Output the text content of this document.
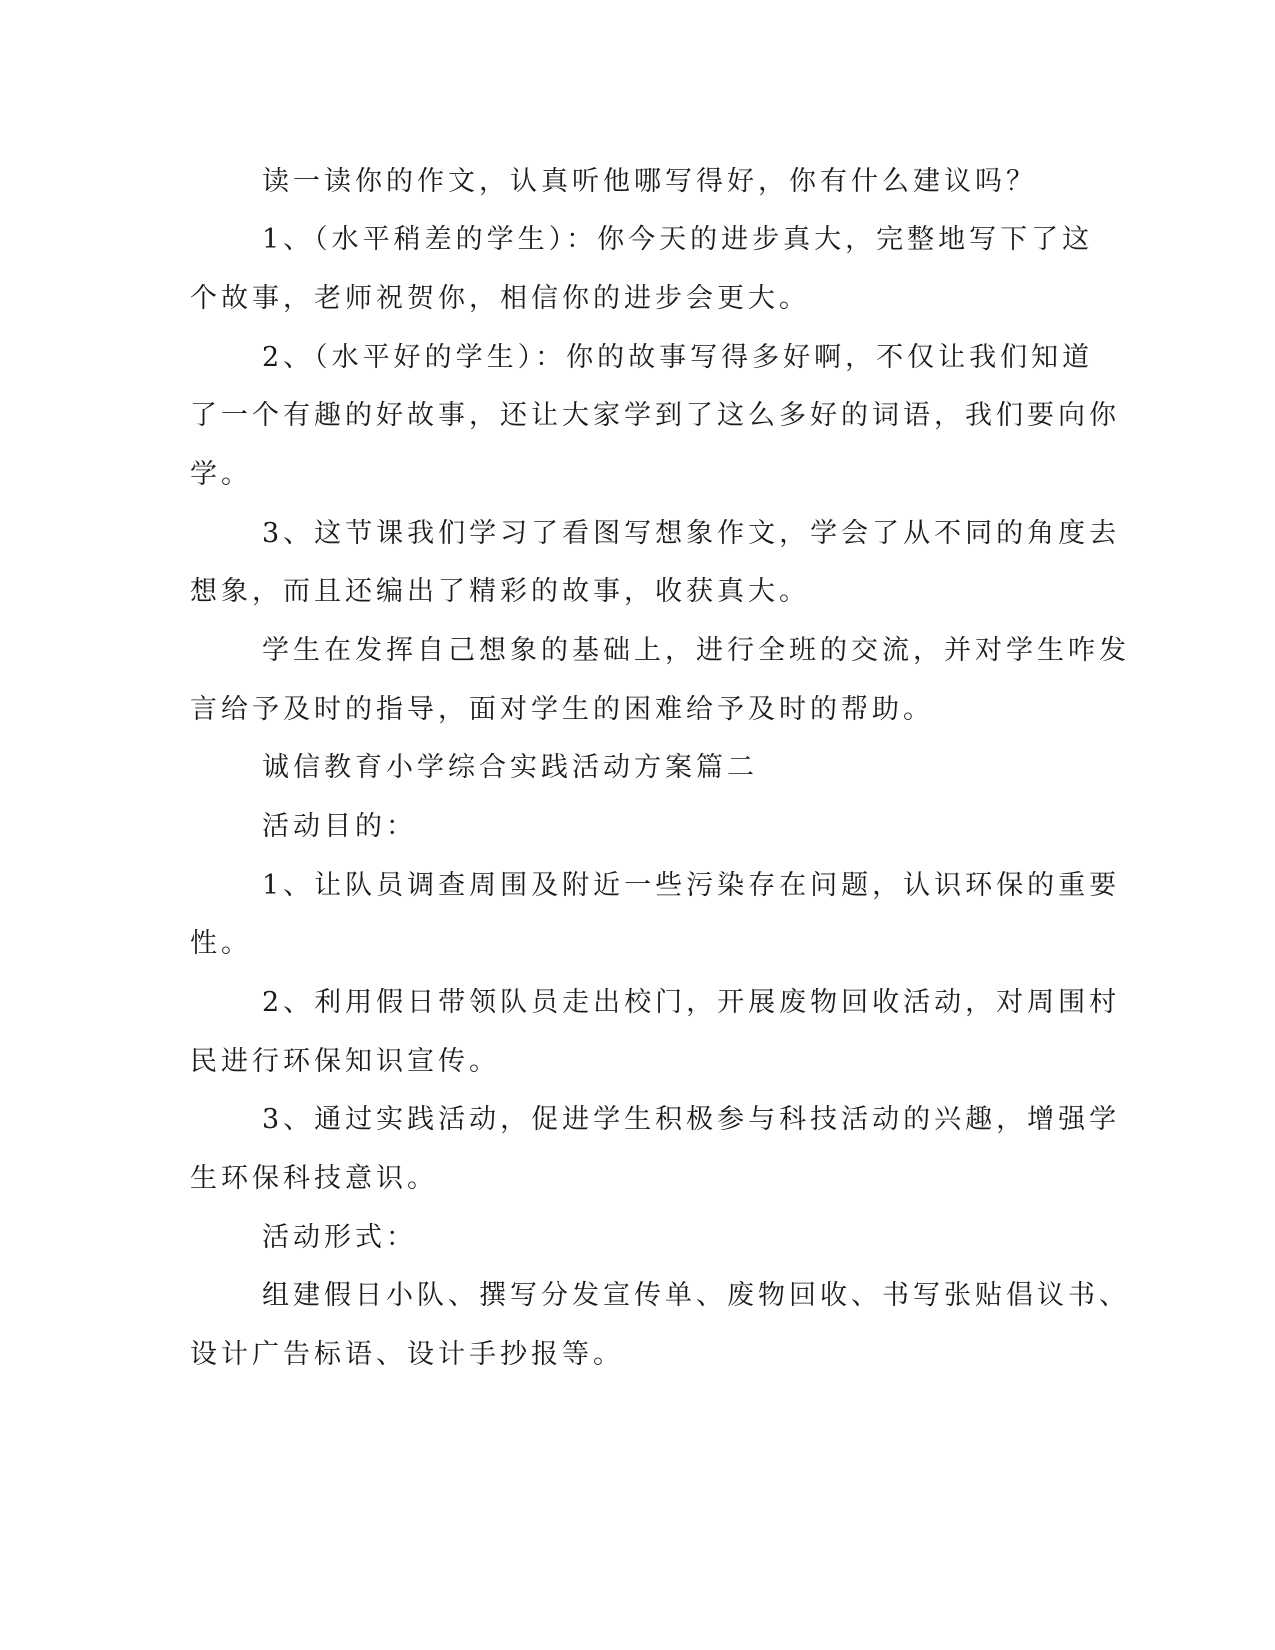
读一读你的作文，认真听他哪写得好，你有什么建议吗？
1、（水平稍差的学生）：你今天的进步真大，完整地写下了这
个故事，老师祝贺你，相信你的进步会更大。
2、（水平好的学生）：你的故事写得多好啊，不仅让我们知道
了一个有趣的好故事，还让大家学到了这么多好的词语，我们要向你
学。
3、这节课我们学习了看图写想象作文，学会了从不同的角度去
想象，而且还编出了精彩的故事，收获真大。
学生在发挥自己想象的基础上，进行全班的交流，并对学生咋发
言给予及时的指导，面对学生的困难给予及时的帮助。
诚信教育小学综合实践活动方案篇二
活动目的：
1、让队员调查周围及附近一些污染存在问题，认识环保的重要
性。
2、利用假日带领队员走出校门，开展废物回收活动，对周围村
民进行环保知识宣传。
3、通过实践活动，促进学生积极参与科技活动的兴趣，增强学
生环保科技意识。
活动形式：
组建假日小队、撰写分发宣传单、废物回收、书写张贴倡议书、
设计广告标语、设计手抄报等。
